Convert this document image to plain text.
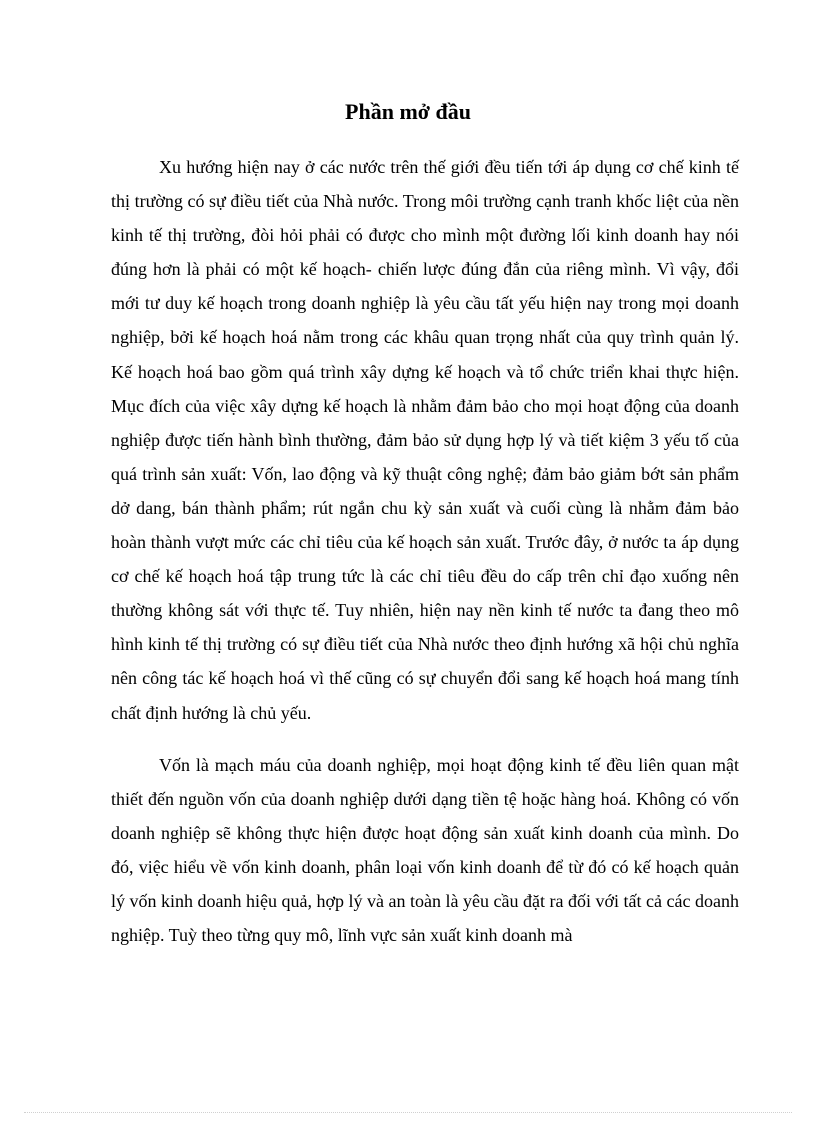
Phần mở đầu

Xu hướng hiện nay ở các nước trên thế giới đều tiến tới áp dụng cơ chế kinh tế thị trường có sự điều tiết của Nhà nước. Trong môi trường cạnh tranh khốc liệt của nền kinh tế thị trường, đòi hỏi phải có được cho mình một đường lối kinh doanh hay nói đúng hơn là phải có một kế hoạch- chiến lược đúng đắn của riêng mình. Vì vậy, đổi mới tư duy kế hoạch trong doanh nghiệp là yêu cầu tất yếu hiện nay trong mọi doanh nghiệp, bởi kế hoạch hoá nằm trong các khâu quan trọng nhất của quy trình quản lý. Kế hoạch hoá bao gồm quá trình xây dựng kế hoạch và tổ chức triển khai thực hiện. Mục đích của việc xây dựng kế hoạch là nhằm đảm bảo cho mọi hoạt động của doanh nghiệp được tiến hành bình thường, đảm bảo sử dụng hợp lý và tiết kiệm 3 yếu tố của quá trình sản xuất: Vốn, lao động và kỹ thuật công nghệ; đảm bảo giảm bớt sản phẩm dở dang, bán thành phẩm; rút ngắn chu kỳ sản xuất và cuối cùng là nhằm đảm bảo hoàn thành vượt mức các chỉ tiêu của kế hoạch sản xuất. Trước đây, ở nước ta áp dụng cơ chế kế hoạch hoá tập trung tức là các chỉ tiêu đều do cấp trên chỉ đạo xuống nên thường không sát với thực tế. Tuy nhiên, hiện nay nền kinh tế nước ta đang theo mô hình kinh tế thị trường có sự điều tiết của Nhà nước theo định hướng xã hội chủ nghĩa nên công tác kế hoạch hoá vì thế cũng có sự chuyển đổi sang kế hoạch hoá mang tính chất định hướng là chủ yếu.

Vốn là mạch máu của doanh nghiệp, mọi hoạt động kinh tế đều liên quan mật thiết đến nguồn vốn của doanh nghiệp dưới dạng tiền tệ hoặc hàng hoá. Không có vốn doanh nghiệp sẽ không thực hiện được hoạt động sản xuất kinh doanh của mình. Do đó, việc hiểu về vốn kinh doanh, phân loại vốn kinh doanh để từ đó có kế hoạch quản lý vốn kinh doanh hiệu quả, hợp lý và an toàn là yêu cầu đặt ra đối với tất cả các doanh nghiệp. Tuỳ theo từng quy mô, lĩnh vực sản xuất kinh doanh mà
